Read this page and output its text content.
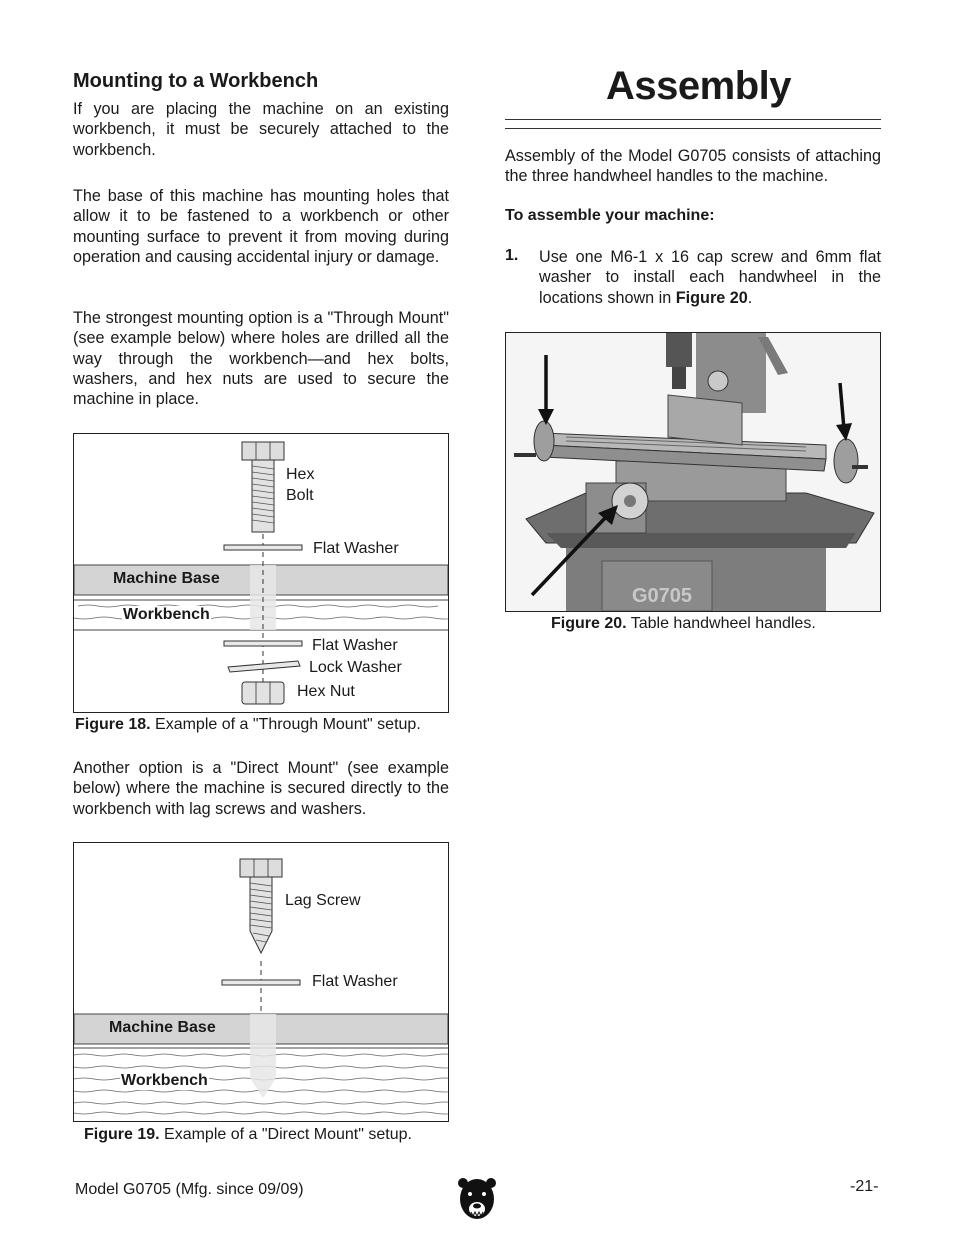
Mounting to a Workbench

If you are placing the machine on an existing workbench, it must be securely attached to the workbench.

The base of this machine has mounting holes that allow it to be fastened to a workbench or other mounting surface to prevent it from moving during operation and causing accidental injury or damage.

The strongest mounting option is a "Through Mount" (see example below) where holes are drilled all the way through the workbench—and hex bolts, washers, and hex nuts are used to secure the machine in place.

Hex
Bolt
Flat Washer
Machine Base
Workbench
Flat Washer
Lock Washer
Hex Nut
Figure 18. Example of a "Through Mount" setup.

Another option is a "Direct Mount" (see example below) where the machine is secured directly to the workbench with lag screws and washers.

Lag Screw
Flat Washer
Machine Base
Workbench
Figure 19. Example of a "Direct Mount" setup.
Assembly

Assembly of the Model G0705 consists of attaching the three handwheel handles to the machine.

To assemble your machine:
1. Use one M6-1 x 16 cap screw and 6mm flat washer to install each handwheel in the locations shown in Figure 20.

G0705
Figure 20. Table handwheel handles.
Model G0705 (Mfg. since 09/09)	-21-
